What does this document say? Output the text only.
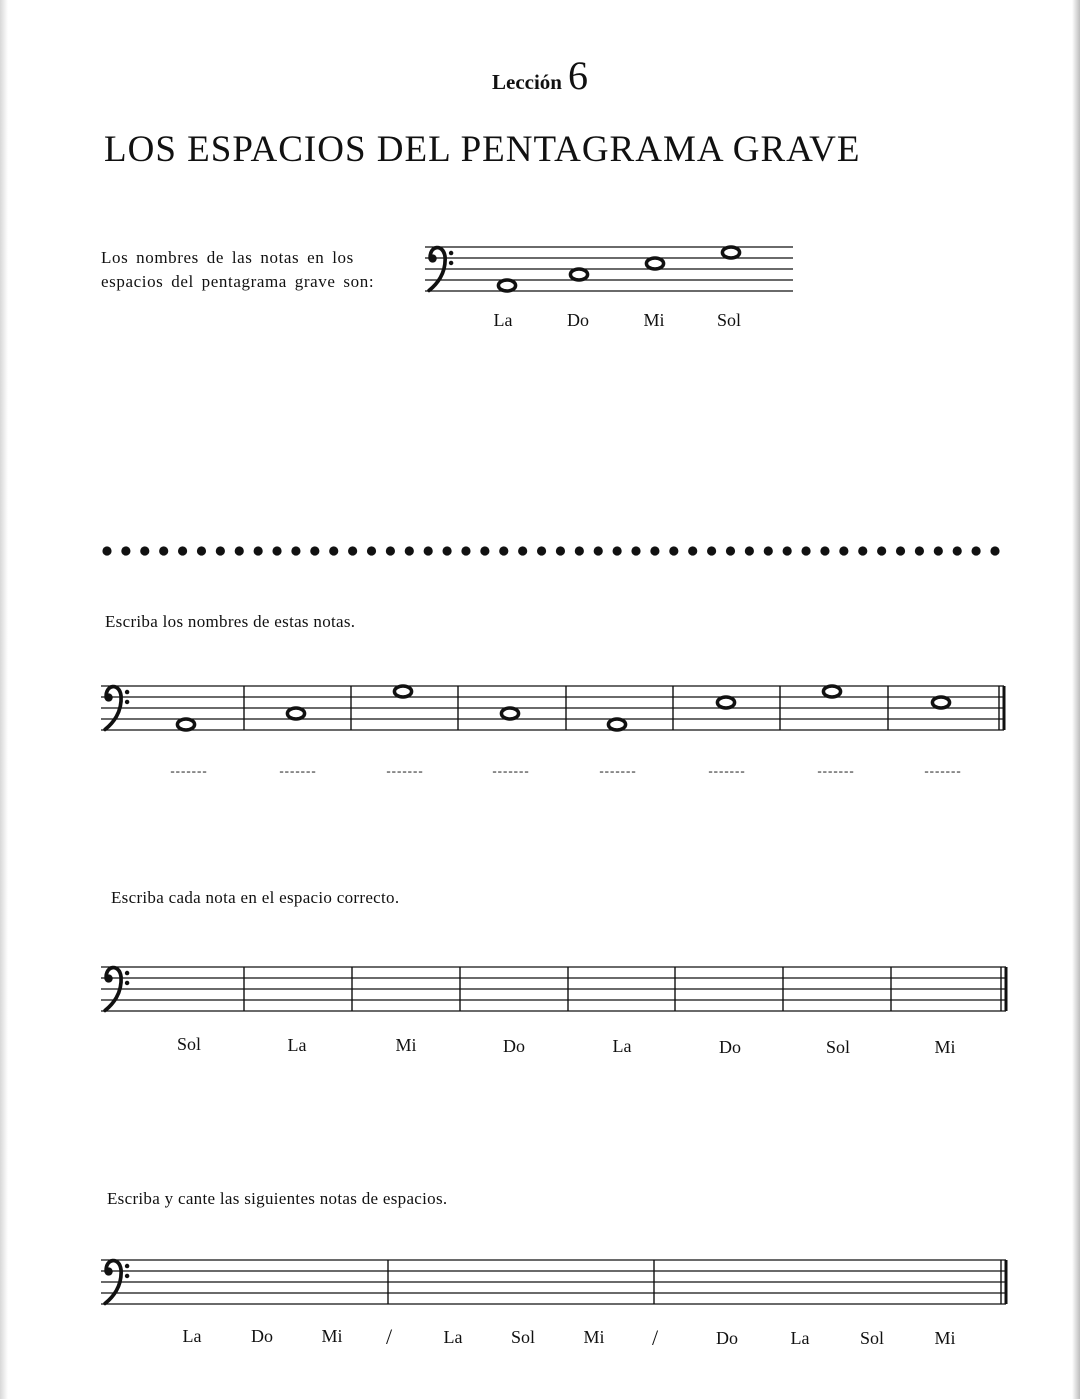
Lección 6
LOS ESPACIOS DEL PENTAGRAMA GRAVE
Los nombres de las notas en los
espacios del pentagrama grave son:
La	Do	Mi	Sol
Escriba los nombres de estas notas.
-------	-------	-------	-------	-------	-------	-------	-------
Escriba cada nota en el espacio correcto.
Sol	La	Mi	Do	La	Do	Sol	Mi
Escriba y cante las siguientes notas de espacios.
La	Do	Mi /	La	Sol	Mi /	Do	La	Sol	Mi
